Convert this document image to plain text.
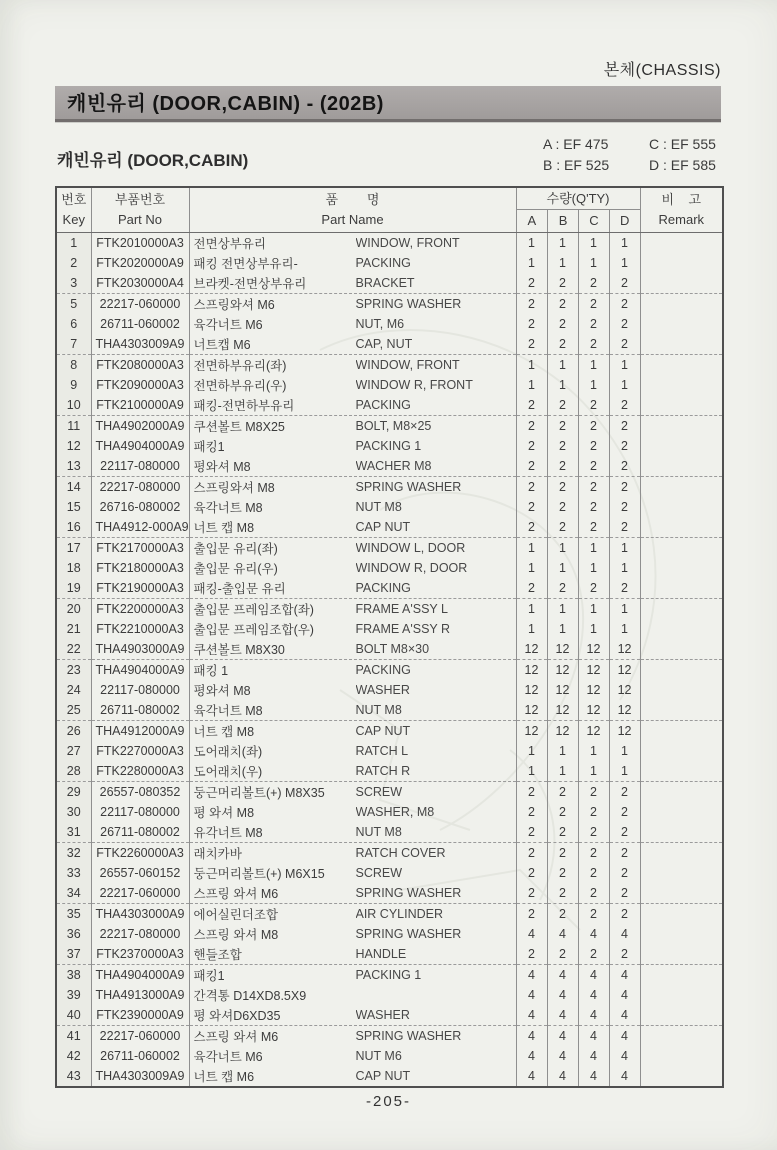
본체(CHASSIS)
캐빈유리 (DOOR,CABIN) - (202B)
캐빈유리 (DOOR,CABIN)
A : EF 475	C : EF 555
B : EF 525	D : EF 585
번호
Key

부품번호
Part No

품        명
Part Name

수량(Q'TY)
A	B	C	D

비    고
Remark

1	FTK2010000A3	전면상부유리 WINDOW, FRONT	1	1	1	1	
2	FTK2020000A9	패킹 전면상부유리- PACKING	1	1	1	1	
3	FTK2030000A4	브라켓-전면상부유리 BRACKET	2	2	2	2	
5	22217-060000	스프링와셔 M6 SPRING WASHER	2	2	2	2	
6	26711-060002	육각너트 M6 NUT, M6	2	2	2	2	
7	THA4303009A9	너트캡 M6 CAP, NUT	2	2	2	2	
8	FTK2080000A3	전면하부유리(좌) WINDOW, FRONT	1	1	1	1	
9	FTK2090000A3	전면하부유리(우) WINDOW R, FRONT	1	1	1	1	
10	FTK2100000A9	패킹-전면하부유리 PACKING	2	2	2	2	
11	THA4902000A9	쿠션볼트 M8X25 BOLT, M8×25	2	2	2	2	
12	THA4904000A9	패킹1 PACKING 1	2	2	2	2	
13	22117-080000	평와셔 M8 WACHER M8	2	2	2	2	
14	22217-080000	스프링와셔 M8 SPRING WASHER	2	2	2	2	
15	26716-080002	육각너트 M8 NUT M8	2	2	2	2	
16	THA4912-000A9	너트 캡 M8 CAP NUT	2	2	2	2	
17	FTK2170000A3	출입문 유리(좌) WINDOW L, DOOR	1	1	1	1	
18	FTK2180000A3	출입문 유리(우) WINDOW R, DOOR	1	1	1	1	
19	FTK2190000A3	패킹-출입문 유리 PACKING	2	2	2	2	
20	FTK2200000A3	출입문 프레임조합(좌) FRAME A'SSY L	1	1	1	1	
21	FTK2210000A3	출입문 프레임조합(우) FRAME A'SSY R	1	1	1	1	
22	THA4903000A9	쿠션볼트 M8X30 BOLT M8×30	12	12	12	12	
23	THA4904000A9	패킹 1 PACKING	12	12	12	12	
24	22117-080000	평와셔 M8 WASHER	12	12	12	12	
25	26711-080002	육각너트 M8 NUT M8	12	12	12	12	
26	THA4912000A9	너트 캡 M8 CAP NUT	12	12	12	12	
27	FTK2270000A3	도어래치(좌) RATCH L	1	1	1	1	
28	FTK2280000A3	도어래치(우) RATCH R	1	1	1	1	
29	26557-080352	둥근머리볼트(+) M8X35 SCREW	2	2	2	2	
30	22117-080000	평 와셔 M8 WASHER, M8	2	2	2	2	
31	26711-080002	유각너트 M8 NUT M8	2	2	2	2	
32	FTK2260000A3	래치카바 RATCH COVER	2	2	2	2	
33	26557-060152	둥근머리볼트(+) M6X15 SCREW	2	2	2	2	
34	22217-060000	스프링 와셔 M6 SPRING WASHER	2	2	2	2	
35	THA4303000A9	에어실린더조합 AIR CYLINDER	2	2	2	2	
36	22217-080000	스프링 와셔 M8 SPRING WASHER	4	4	4	4	
37	FTK2370000A3	핸들조합 HANDLE	2	2	2	2	
38	THA4904000A9	패킹1 PACKING 1	4	4	4	4	
39	THA4913000A9	간격통 D14XD8.5X9	4	4	4	4	
40	FTK2390000A9	평 와셔D6XD35 WASHER	4	4	4	4	
41	22217-060000	스프링 와셔 M6 SPRING WASHER	4	4	4	4	
42	26711-060002	육각너트 M6 NUT M6	4	4	4	4	
43	THA4303009A9	너트 캡 M6 CAP NUT	4	4	4	4	
-205-
